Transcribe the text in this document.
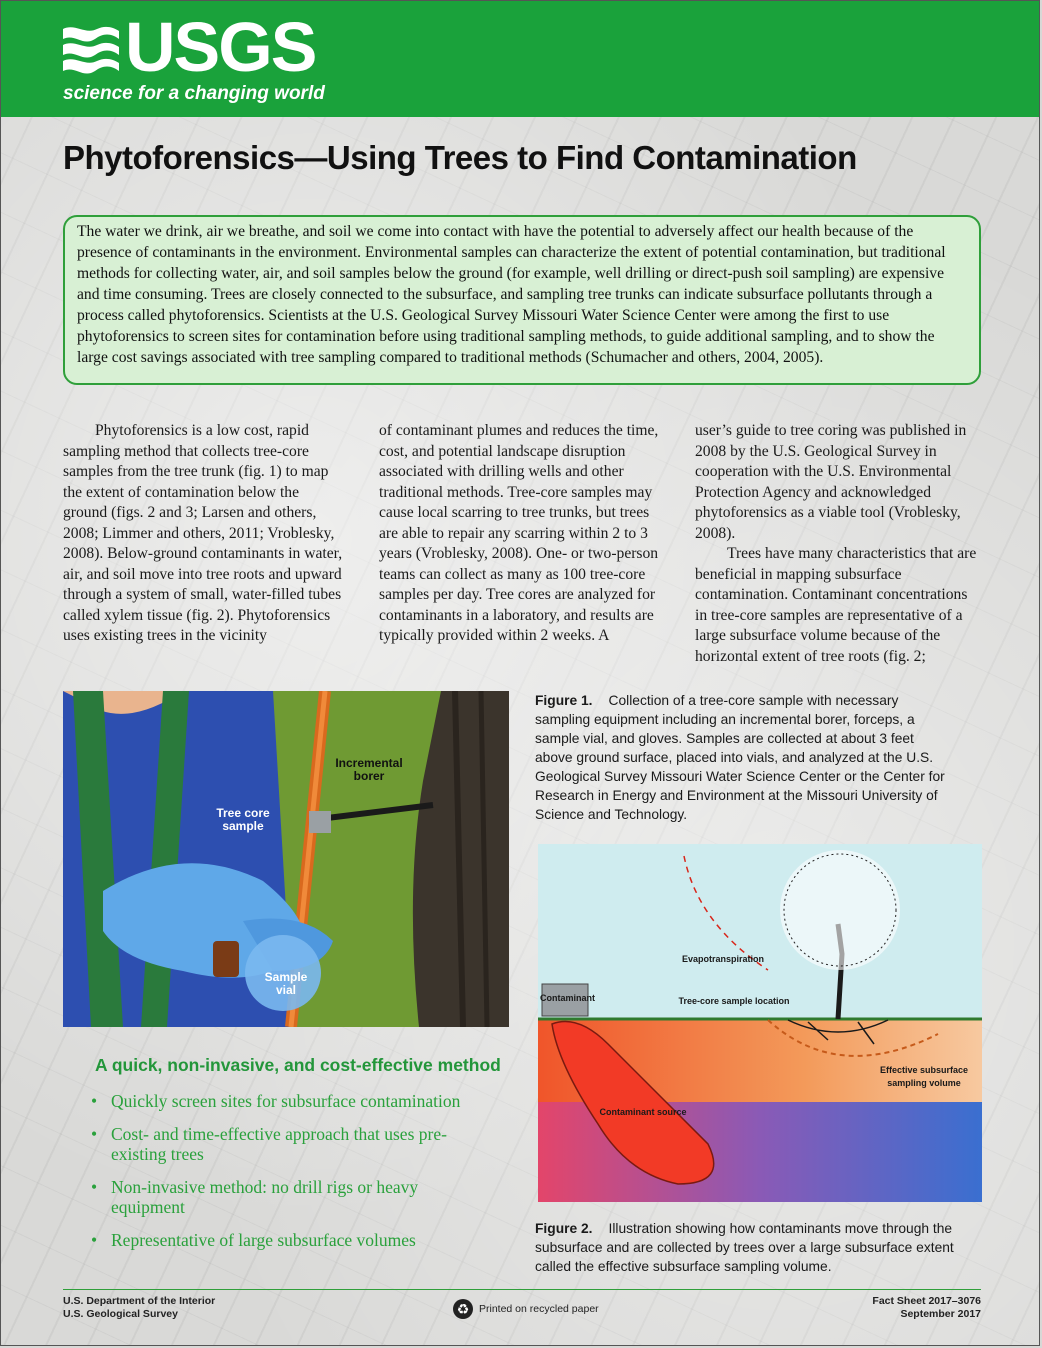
USGS
science for a changing world
Phytoforensics—Using Trees to Find Contamination

The water we drink, air we breathe, and soil we come into contact with have the potential to adversely affect our health because of the presence of contaminants in the environment. Environmental samples can characterize the extent of potential contamination, but traditional methods for collecting water, air, and soil samples below the ground (for example, well drilling or direct-push soil sampling) are expensive and time consuming. Trees are closely connected to the subsurface, and sampling tree trunks can indicate subsurface pollutants through a process called phytoforensics. Scientists at the U.S. Geological Survey Missouri Water Science Center were among the first to use phytoforensics to screen sites for contamination before using traditional sampling methods, to guide additional sampling, and to show the large cost savings associated with tree sampling compared to traditional methods (Schumacher and others, 2004, 2005).

Phytoforensics is a low cost, rapid sampling method that collects tree-core samples from the tree trunk (fig. 1) to map the extent of contamination below the ground (figs. 2 and 3; Larsen and others, 2008; Limmer and others, 2011; Vroblesky, 2008). Below-ground contaminants in water, air, and soil move into tree roots and upward through a system of small, water-filled tubes called xylem tissue (fig. 2). Phytoforensics uses existing trees in the vicinity

of contaminant plumes and reduces the time, cost, and potential landscape disruption associated with drilling wells and other traditional methods. Tree-core samples may cause local scarring to tree trunks, but trees are able to repair any scarring within 2 to 3 years (Vroblesky, 2008). One- or two-person teams can collect as many as 100 tree-core samples per day. Tree cores are analyzed for contaminants in a laboratory, and results are typically provided within 2 weeks. A

user’s guide to tree coring was published in 2008 by the U.S. Geological Survey in cooperation with the U.S. Environmental Protection Agency and acknowledged phytoforensics as a viable tool (Vroblesky, 2008).

Trees have many characteristics that are beneficial in mapping subsurface contamination. Contaminant concentrations in tree-core samples are representative of a large subsurface volume because of the horizontal extent of tree roots (fig. 2;

Incremental borer
Tree core sample
Sample vial
Figure 1. Collection of a tree-core sample with necessary sampling equipment including an incremental borer, forceps, a sample vial, and gloves. Samples are collected at about 3 feet above ground surface, placed into vials, and analyzed at the U.S. Geological Survey Missouri Water Science Center or the Center for Research in Energy and Environment at the Missouri University of Science and Technology.
Evapotranspiration
Contaminant	Tree-core sample location
Effective subsurface sampling volume
Contaminant source
Figure 2. Illustration showing how contaminants move through the subsurface and are collected by trees over a large subsurface extent called the effective subsurface sampling volume.
A quick, non-invasive, and cost-effective method
• Quickly screen sites for subsurface contamination
• Cost- and time-effective approach that uses pre-existing trees
• Non-invasive method: no drill rigs or heavy equipment
• Representative of large subsurface volumes
U.S. Department of the Interior
U.S. Geological Survey	♻ Printed on recycled paper
Fact Sheet 2017–3076
September 2017
